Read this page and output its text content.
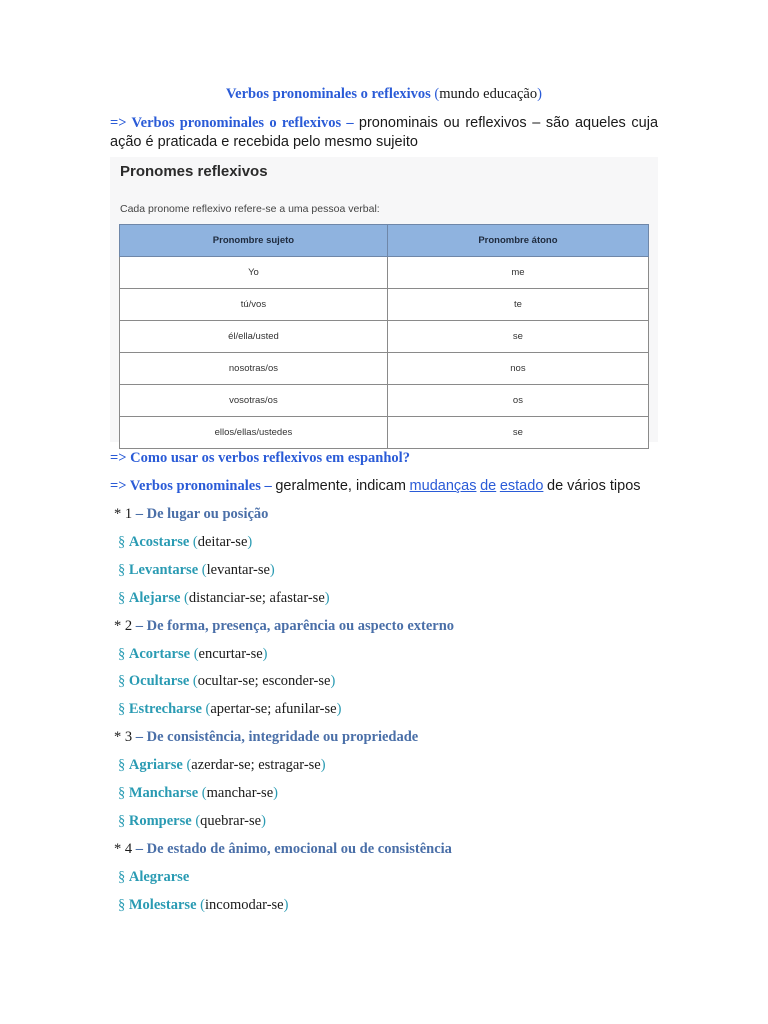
Verbos pronominales o reflexivos (mundo educação)
=> Verbos pronominales o reflexivos – pronominais ou reflexivos – são aqueles cuja ação é praticada e recebida pelo mesmo sujeito
Pronomes reflexivos
Cada pronome reflexivo refere-se a uma pessoa verbal:
Pronombre sujeto	Pronombre átono
Yo	me
tú/vos	te
él/ella/usted	se
nosotras/os	nos
vosotras/os	os
ellos/ellas/ustedes	se
=> Como usar os verbos reflexivos em espanhol?
=> Verbos pronominales – geralmente, indicam mudanças de estado de vários tipos
* 1 – De lugar ou posição
§ Acostarse (deitar-se)
§ Levantarse (levantar-se)
§ Alejarse (distanciar-se; afastar-se)
* 2 – De forma, presença, aparência ou aspecto externo
§ Acortarse (encurtar-se)
§ Ocultarse (ocultar-se; esconder-se)
§ Estrecharse (apertar-se; afunilar-se)
* 3 – De consistência, integridade ou propriedade
§ Agriarse (azerdar-se; estragar-se)
§ Mancharse (manchar-se)
§ Romperse (quebrar-se)
* 4 – De estado de ânimo, emocional ou de consistência
§ Alegrarse
§ Molestarse (incomodar-se)
